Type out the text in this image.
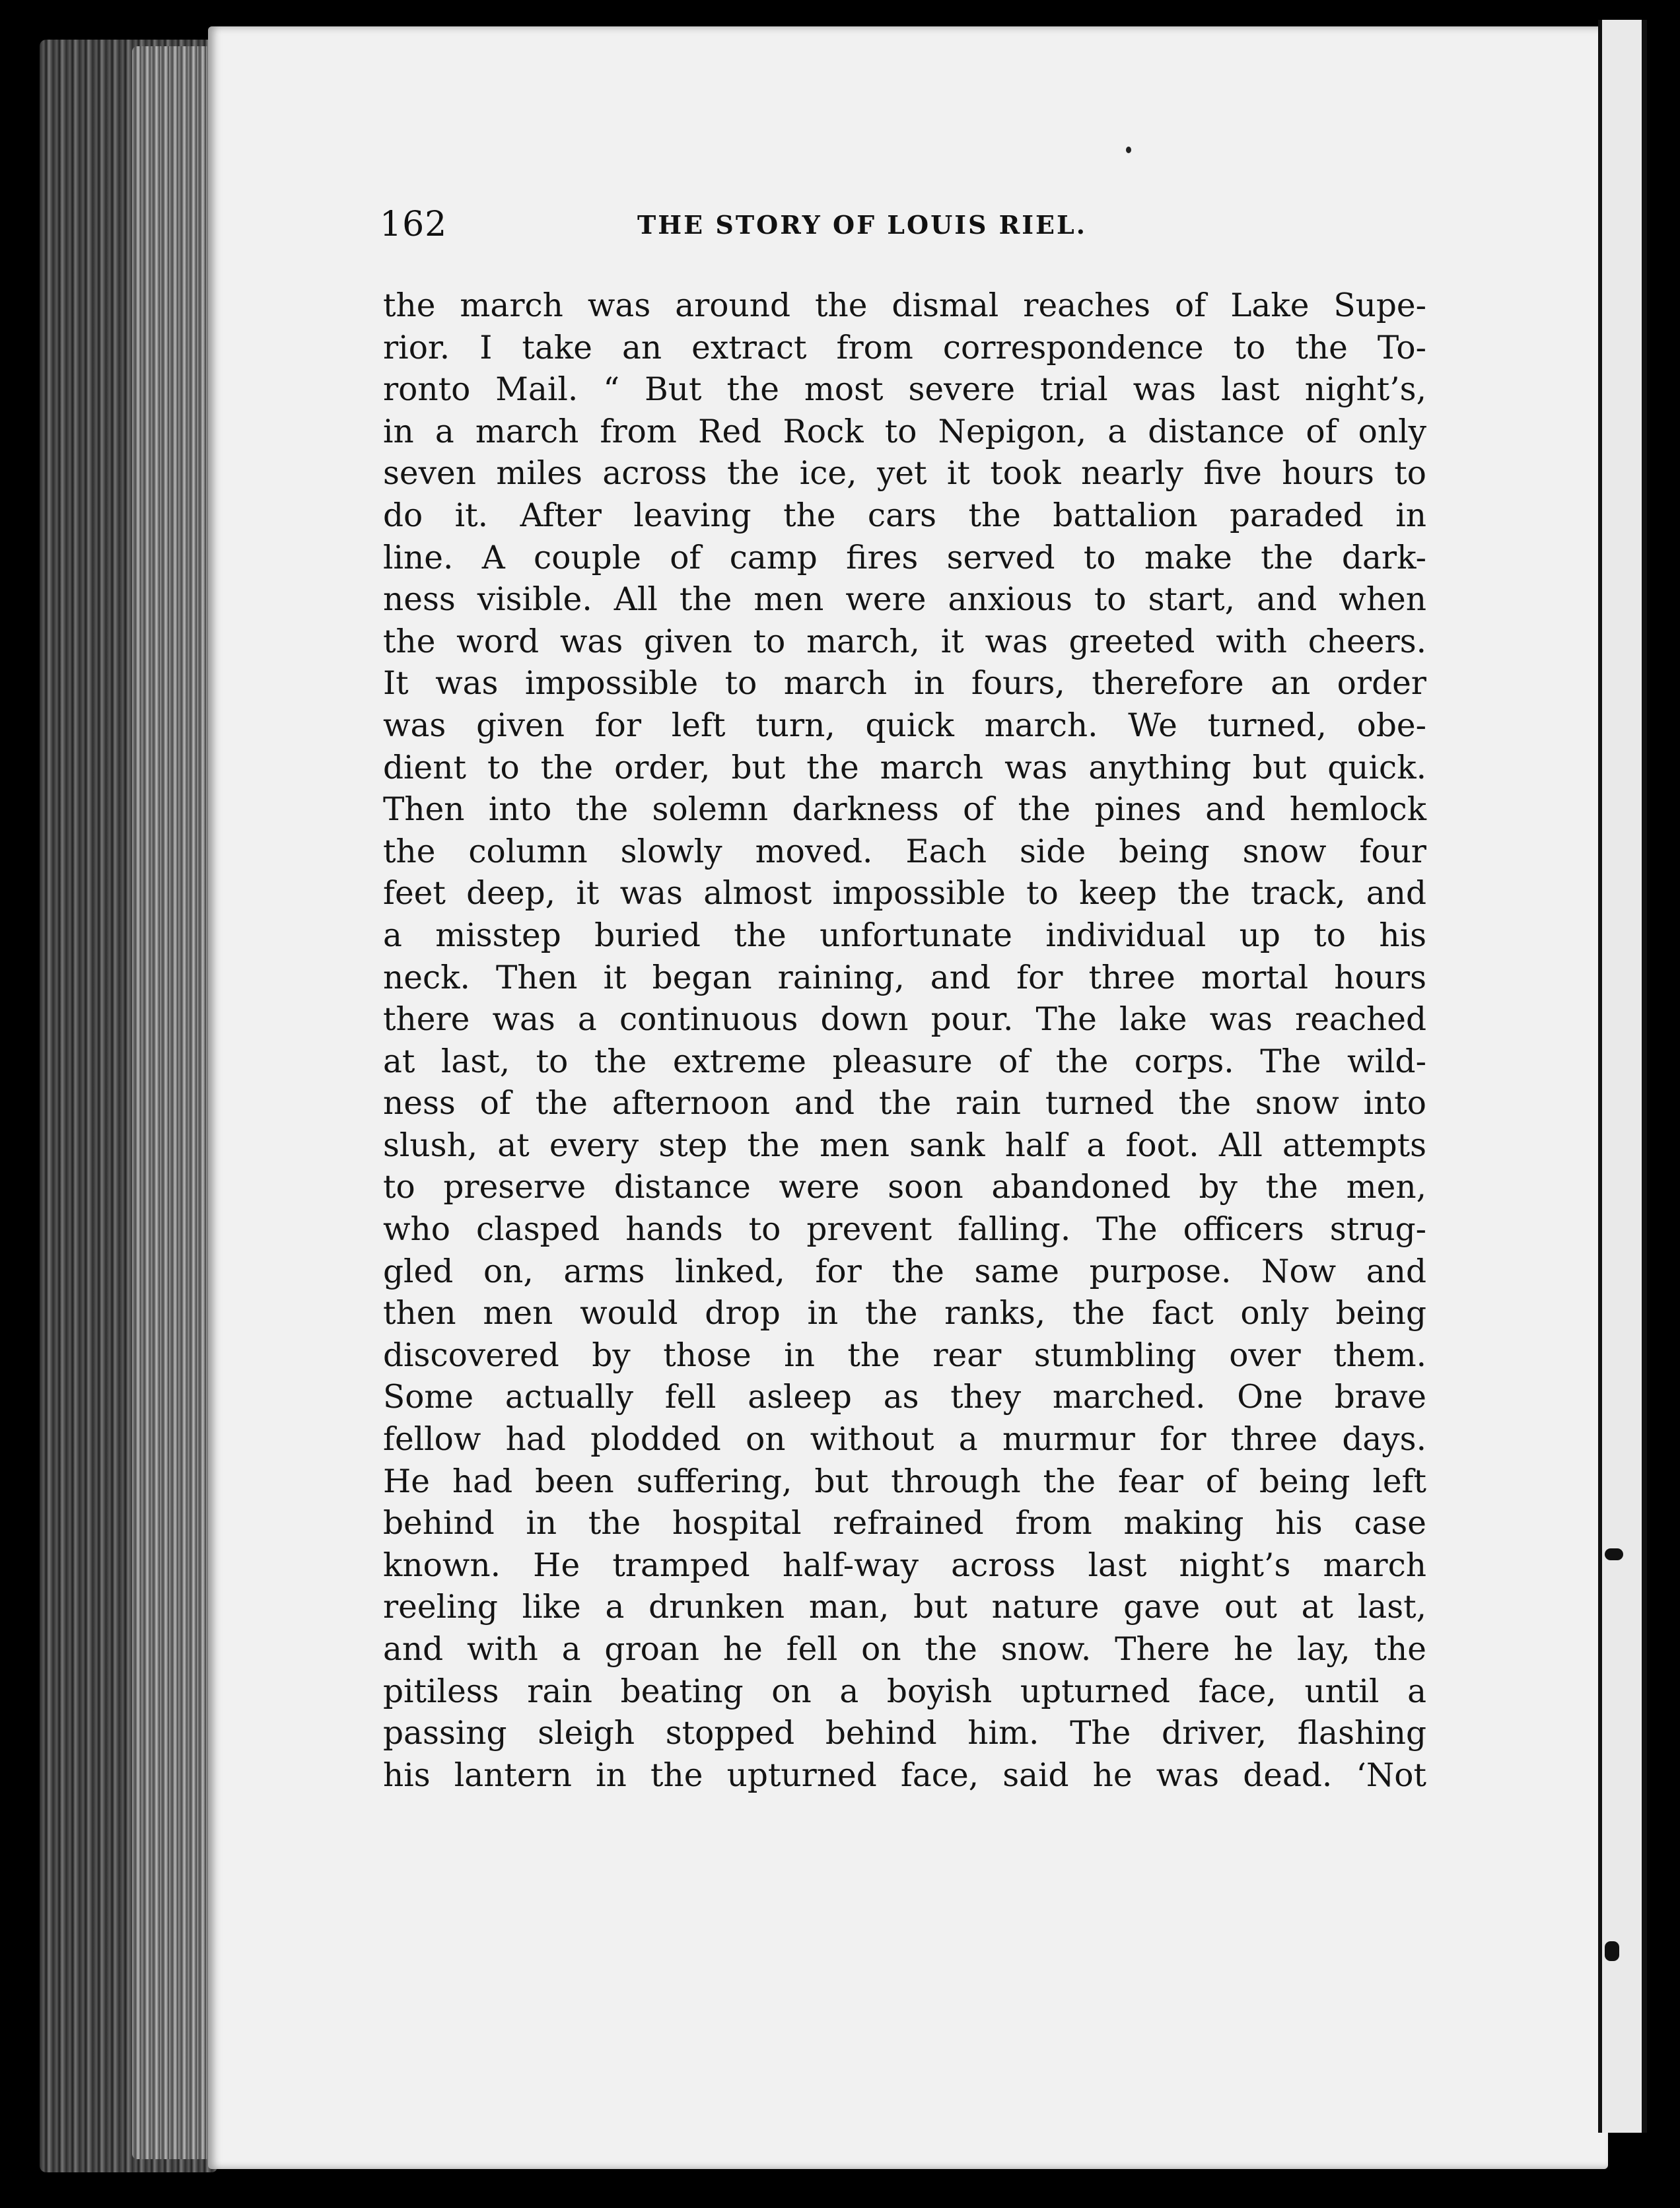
162	THE STORY OF LOUIS RIEL.
the march was around the dismal reaches of Lake Supe-
rior. I take an extract from correspondence to the To-
ronto Mail. “ But the most severe trial was last night’s,
in a march from Red Rock to Nepigon, a distance of only
seven miles across the ice, yet it took nearly five hours to
do it. After leaving the cars the battalion paraded in
line. A couple of camp fires served to make the dark-
ness visible. All the men were anxious to start, and when
the word was given to march, it was greeted with cheers.
It was impossible to march in fours, therefore an order
was given for left turn, quick march. We turned, obe-
dient to the order, but the march was anything but quick.
Then into the solemn darkness of the pines and hemlock
the column slowly moved. Each side being snow four
feet deep, it was almost impossible to keep the track, and
a misstep buried the unfortunate individual up to his
neck. Then it began raining, and for three mortal hours
there was a continuous down pour. The lake was reached
at last, to the extreme pleasure of the corps. The wild-
ness of the afternoon and the rain turned the snow into
slush, at every step the men sank half a foot. All attempts
to preserve distance were soon abandoned by the men,
who clasped hands to prevent falling. The officers strug-
gled on, arms linked, for the same purpose. Now and
then men would drop in the ranks, the fact only being
discovered by those in the rear stumbling over them.
Some actually fell asleep as they marched. One brave
fellow had plodded on without a murmur for three days.
He had been suffering, but through the fear of being left
behind in the hospital refrained from making his case
known. He tramped half-way across last night’s march
reeling like a drunken man, but nature gave out at last,
and with a groan he fell on the snow. There he lay, the
pitiless rain beating on a boyish upturned face, until a
passing sleigh stopped behind him. The driver, flashing
his lantern in the upturned face, said he was dead. ‘Not
